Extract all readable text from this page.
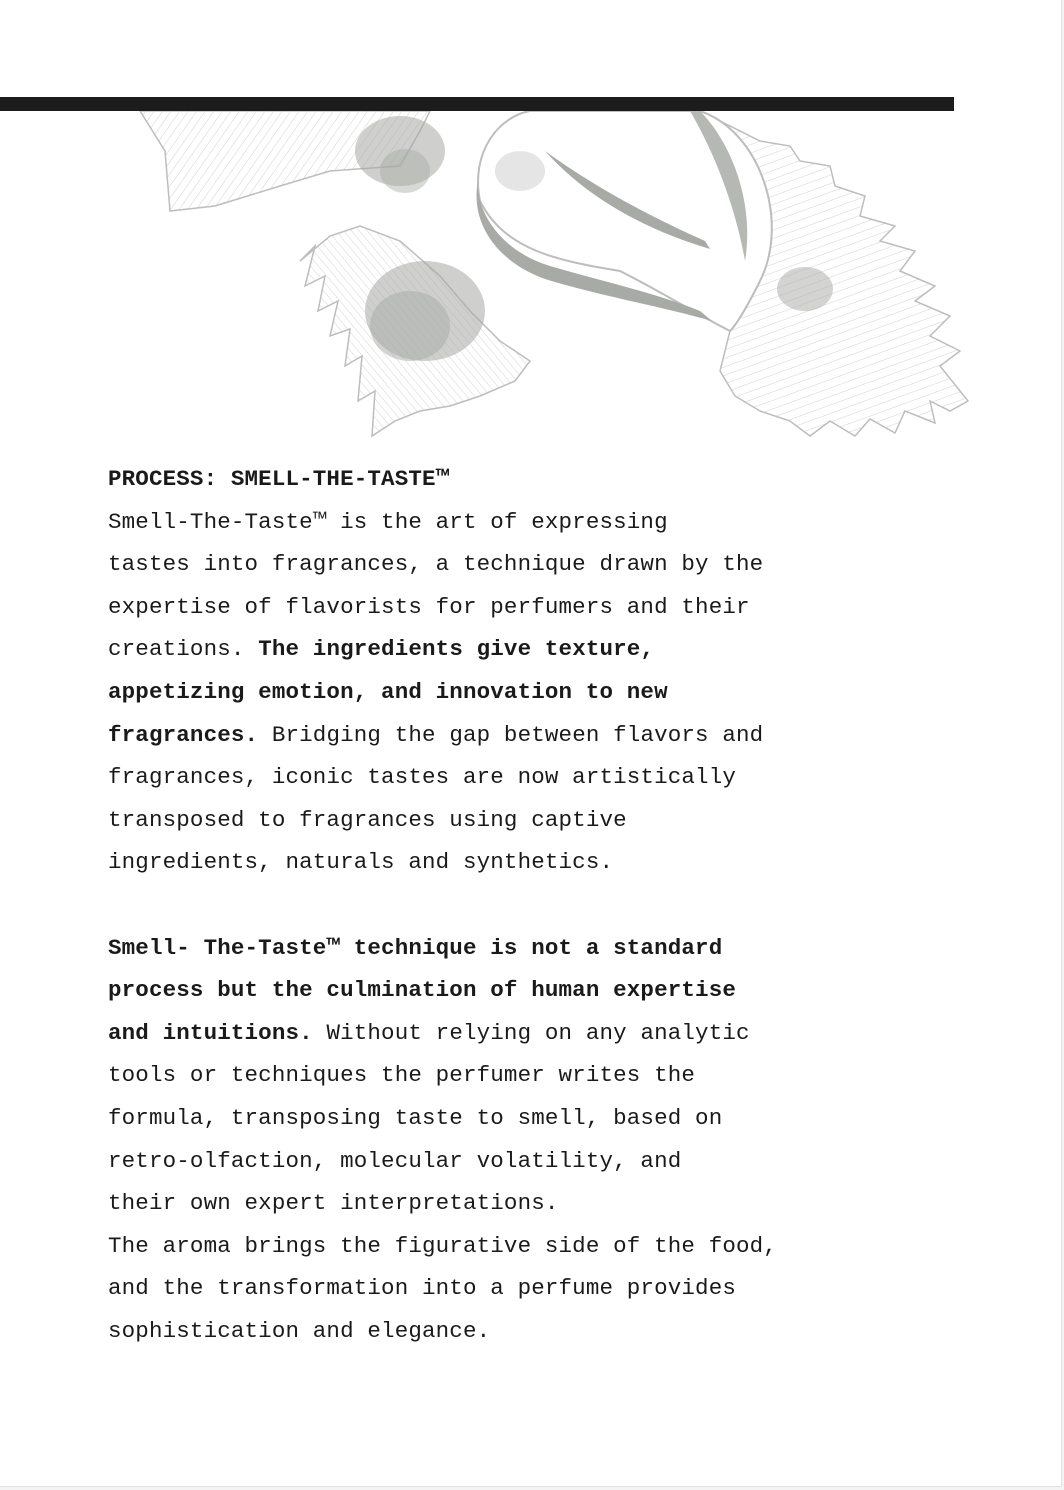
PROCESS: SMELL-THE-TASTE™
Smell-The-Taste™ is the art of expressing
tastes into fragrances, a technique drawn by the
expertise of flavorists for perfumers and their
creations. The ingredients give texture,
appetizing emotion, and innovation to new
fragrances. Bridging the gap between flavors and
fragrances, iconic tastes are now artistically
transposed to fragrances using captive
ingredients, naturals and synthetics.
Smell- The-Taste™ technique is not a standard
process but the culmination of human expertise
and intuitions. Without relying on any analytic
tools or techniques the perfumer writes the
formula, transposing taste to smell, based on
retro-olfaction, molecular volatility, and
their own expert interpretations.
The aroma brings the figurative side of the food,
and the transformation into a perfume provides
sophistication and elegance.
